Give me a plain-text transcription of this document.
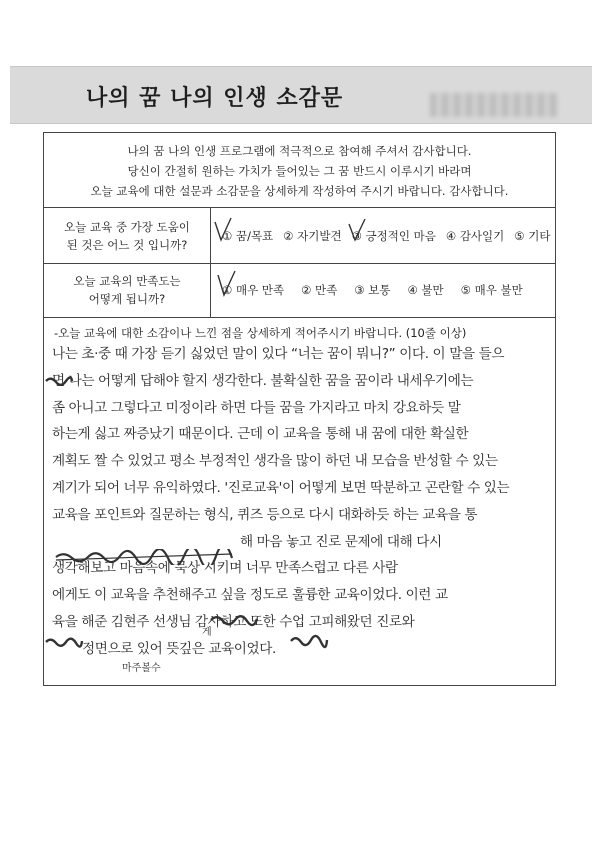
나의 꿈 나의 인생 소감문
나의 꿈 나의 인생 프로그램에 적극적으로 참여해 주셔서 감사합니다.
당신이 간절히 원하는 가치가 들어있는 그 꿈 반드시 이루시기 바라며
오늘 교육에 대한 설문과 소감문을 상세하게 작성하여 주시기 바랍니다. 감사합니다.
오늘 교육 중 가장 도움이
된 것은 어느 것 입니까?
① 꿈/목표 ② 자기발견 ③ 긍정적인 마음 ④ 감사일기 ⑤ 기타
오늘 교육의 만족도는
어떻게 됩니까?
① 매우 만족 ② 만족 ③ 보통 ④ 불만 ⑤ 매우 불만
-오늘 교육에 대한 소감이나 느낀 점을 상세하게 적어주시기 바랍니다. (10줄 이상)
나는 초·중 때 가장 듣기 싫었던 말이 있다 “너는 꿈이 뭐니?” 이다. 이 말을 들으
면 나는 어떻게 답해야 할지 생각한다. 불확실한 꿈을 꿈이라 내세우기에는
좀 아니고 그렇다고 미정이라 하면 다들 꿈을 가지라고 마치 강요하듯 말
하는게 싫고 짜증났기 때문이다. 근데 이 교육을 통해 내 꿈에 대한 확실한
계획도 짤 수 있었고 평소 부정적인 생각을 많이 하던 내 모습을 반성할 수 있는
계기가 되어 너무 유익하였다. '진로교육'이 어떻게 보면 딱분하고 곤란할 수 있는
교육을 포인트와 질문하는 형식, 퀴즈 등으로 다시 대화하듯 하는 교육을 통
해 마음 놓고 진로 문제에 대해 다시
생각해보고 마음속에 묵상 시키며 너무 만족스럽고 다른 사람
에게도 이 교육을 추천해주고 싶을 정도로 훌륭한 교육이었다. 이런 교
육을 해준 김현주 선생님 감사하고 또한 수업 고피해왔던 진로와
정면으로 있어 뜻깊은 교육이었다.
마주볼수
게
